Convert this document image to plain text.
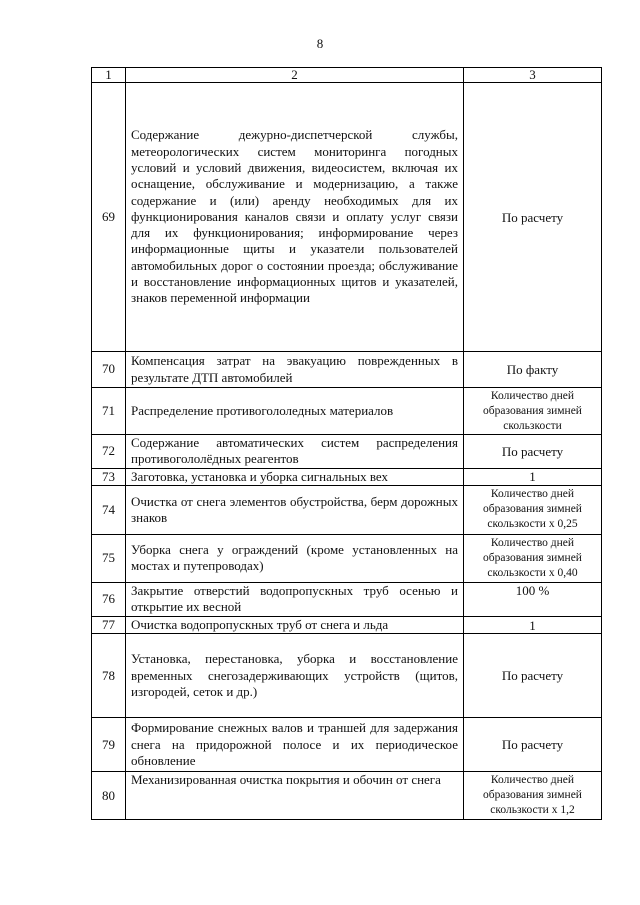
8
1	2	3
69	Содержание дежурно-диспетчерской службы, метеорологических систем мониторинга погодных условий и условий движения, видеосистем, включая их оснащение, обслуживание и модернизацию, а также содержание и (или) аренду необходимых для их функционирования каналов связи и оплату услуг связи для их функционирования; информирование через информационные щиты и указатели пользователей автомобильных дорог о состоянии проезда; обслуживание и восстановление информационных щитов и указателей, знаков переменной информации	По расчету
70	Компенсация затрат на эвакуацию поврежденных в результате ДТП автомобилей	По факту
71	Распределение противогололедных материалов	Количество дней образования зимней скользкости
72	Содержание автоматических систем распределения противогололёдных реагентов	По расчету
73	Заготовка, установка и уборка сигнальных вех	1
74	Очистка от снега элементов обустройства, берм дорожных знаков	Количество дней образования зимней скользкости х 0,25
75	Уборка снега у ограждений (кроме установленных на мостах и путепроводах)	Количество дней образования зимней скользкости х 0,40
76	Закрытие отверстий водопропускных труб осенью и открытие их весной	100 %
77	Очистка водопропускных труб от снега и льда	1
78	Установка, перестановка, уборка и восстановление временных снегозадерживающих устройств (щитов, изгородей, сеток и др.)	По расчету
79	Формирование снежных валов и траншей для задержания снега на придорожной полосе и их периодическое обновление	По расчету
80	Механизированная очистка покрытия и обочин от снега	Количество дней образования зимней скользкости х 1,2
